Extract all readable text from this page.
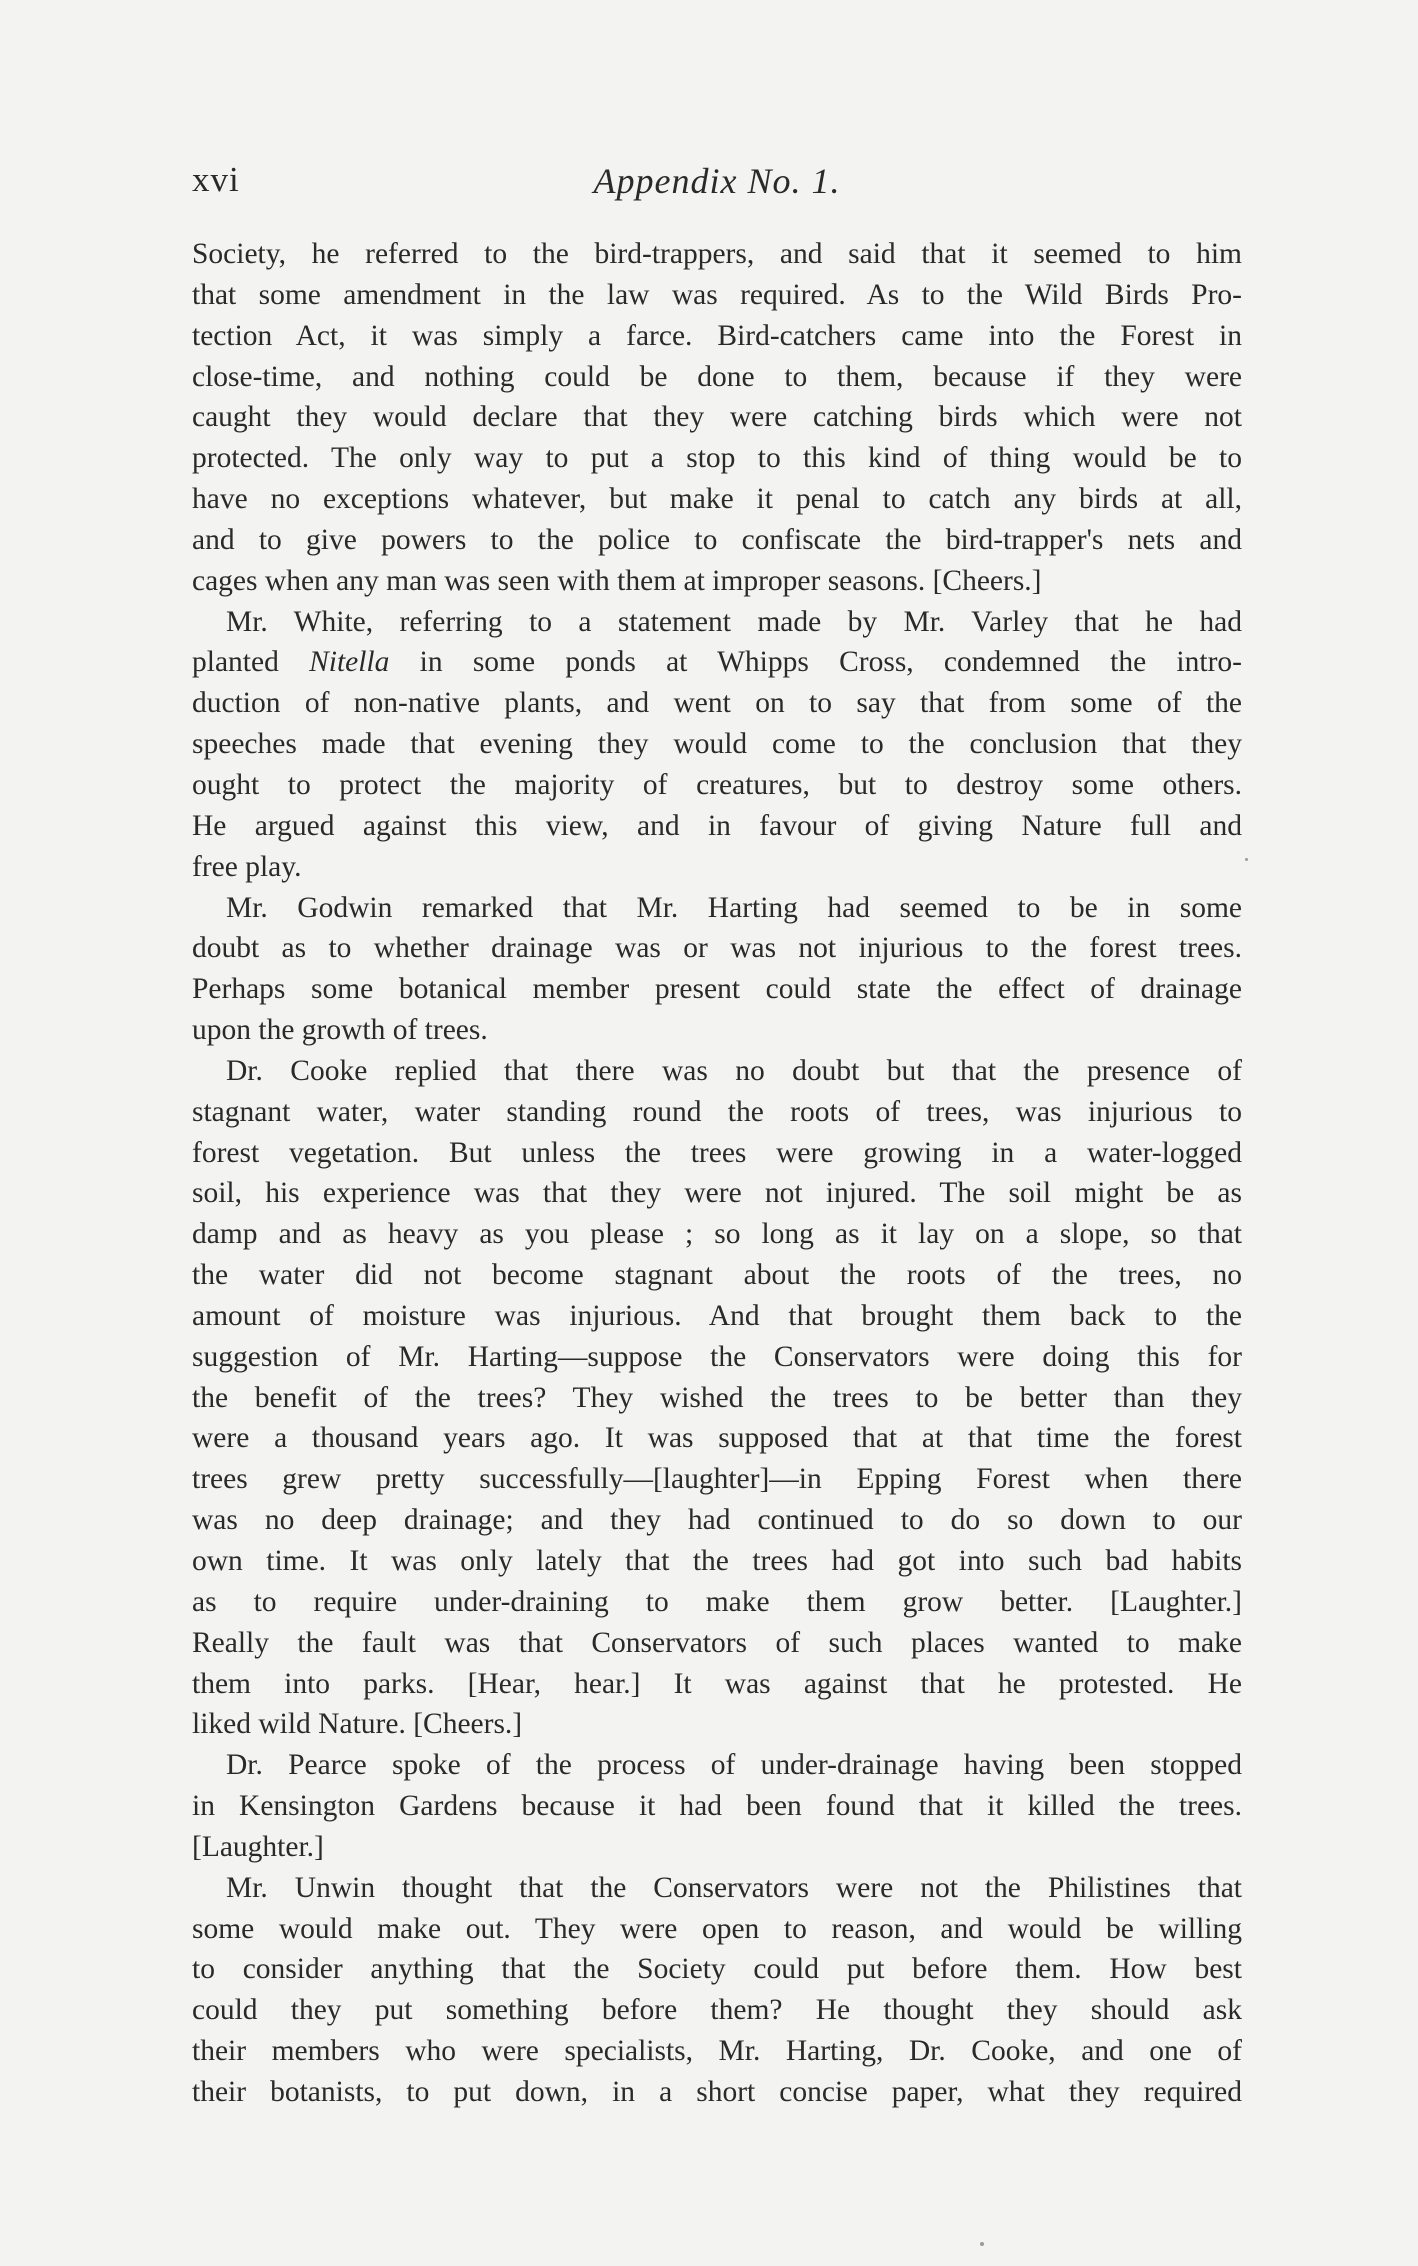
xvi	Appendix No. 1.
Society, he referred to the bird-trappers, and said that it seemed to him
that some amendment in the law was required. As to the Wild Birds Pro-
tection Act, it was simply a farce. Bird-catchers came into the Forest in
close-time, and nothing could be done to them, because if they were
caught they would declare that they were catching birds which were not
protected. The only way to put a stop to this kind of thing would be to
have no exceptions whatever, but make it penal to catch any birds at all,
and to give powers to the police to confiscate the bird-trapper's nets and
cages when any man was seen with them at improper seasons. [Cheers.]
Mr. White, referring to a statement made by Mr. Varley that he had
planted Nitella in some ponds at Whipps Cross, condemned the intro-
duction of non-native plants, and went on to say that from some of the
speeches made that evening they would come to the conclusion that they
ought to protect the majority of creatures, but to destroy some others.
He argued against this view, and in favour of giving Nature full and
free play.
Mr. Godwin remarked that Mr. Harting had seemed to be in some
doubt as to whether drainage was or was not injurious to the forest trees.
Perhaps some botanical member present could state the effect of drainage
upon the growth of trees.
Dr. Cooke replied that there was no doubt but that the presence of
stagnant water, water standing round the roots of trees, was injurious to
forest vegetation. But unless the trees were growing in a water-logged
soil, his experience was that they were not injured. The soil might be as
damp and as heavy as you please ; so long as it lay on a slope, so that
the water did not become stagnant about the roots of the trees, no
amount of moisture was injurious. And that brought them back to the
suggestion of Mr. Harting—suppose the Conservators were doing this for
the benefit of the trees? They wished the trees to be better than they
were a thousand years ago. It was supposed that at that time the forest
trees grew pretty successfully—[laughter]—in Epping Forest when there
was no deep drainage; and they had continued to do so down to our
own time. It was only lately that the trees had got into such bad habits
as to require under-draining to make them grow better. [Laughter.]
Really the fault was that Conservators of such places wanted to make
them into parks. [Hear, hear.] It was against that he protested. He
liked wild Nature. [Cheers.]
Dr. Pearce spoke of the process of under-drainage having been stopped
in Kensington Gardens because it had been found that it killed the trees.
[Laughter.]
Mr. Unwin thought that the Conservators were not the Philistines that
some would make out. They were open to reason, and would be willing
to consider anything that the Society could put before them. How best
could they put something before them? He thought they should ask
their members who were specialists, Mr. Harting, Dr. Cooke, and one of
their botanists, to put down, in a short concise paper, what they required
